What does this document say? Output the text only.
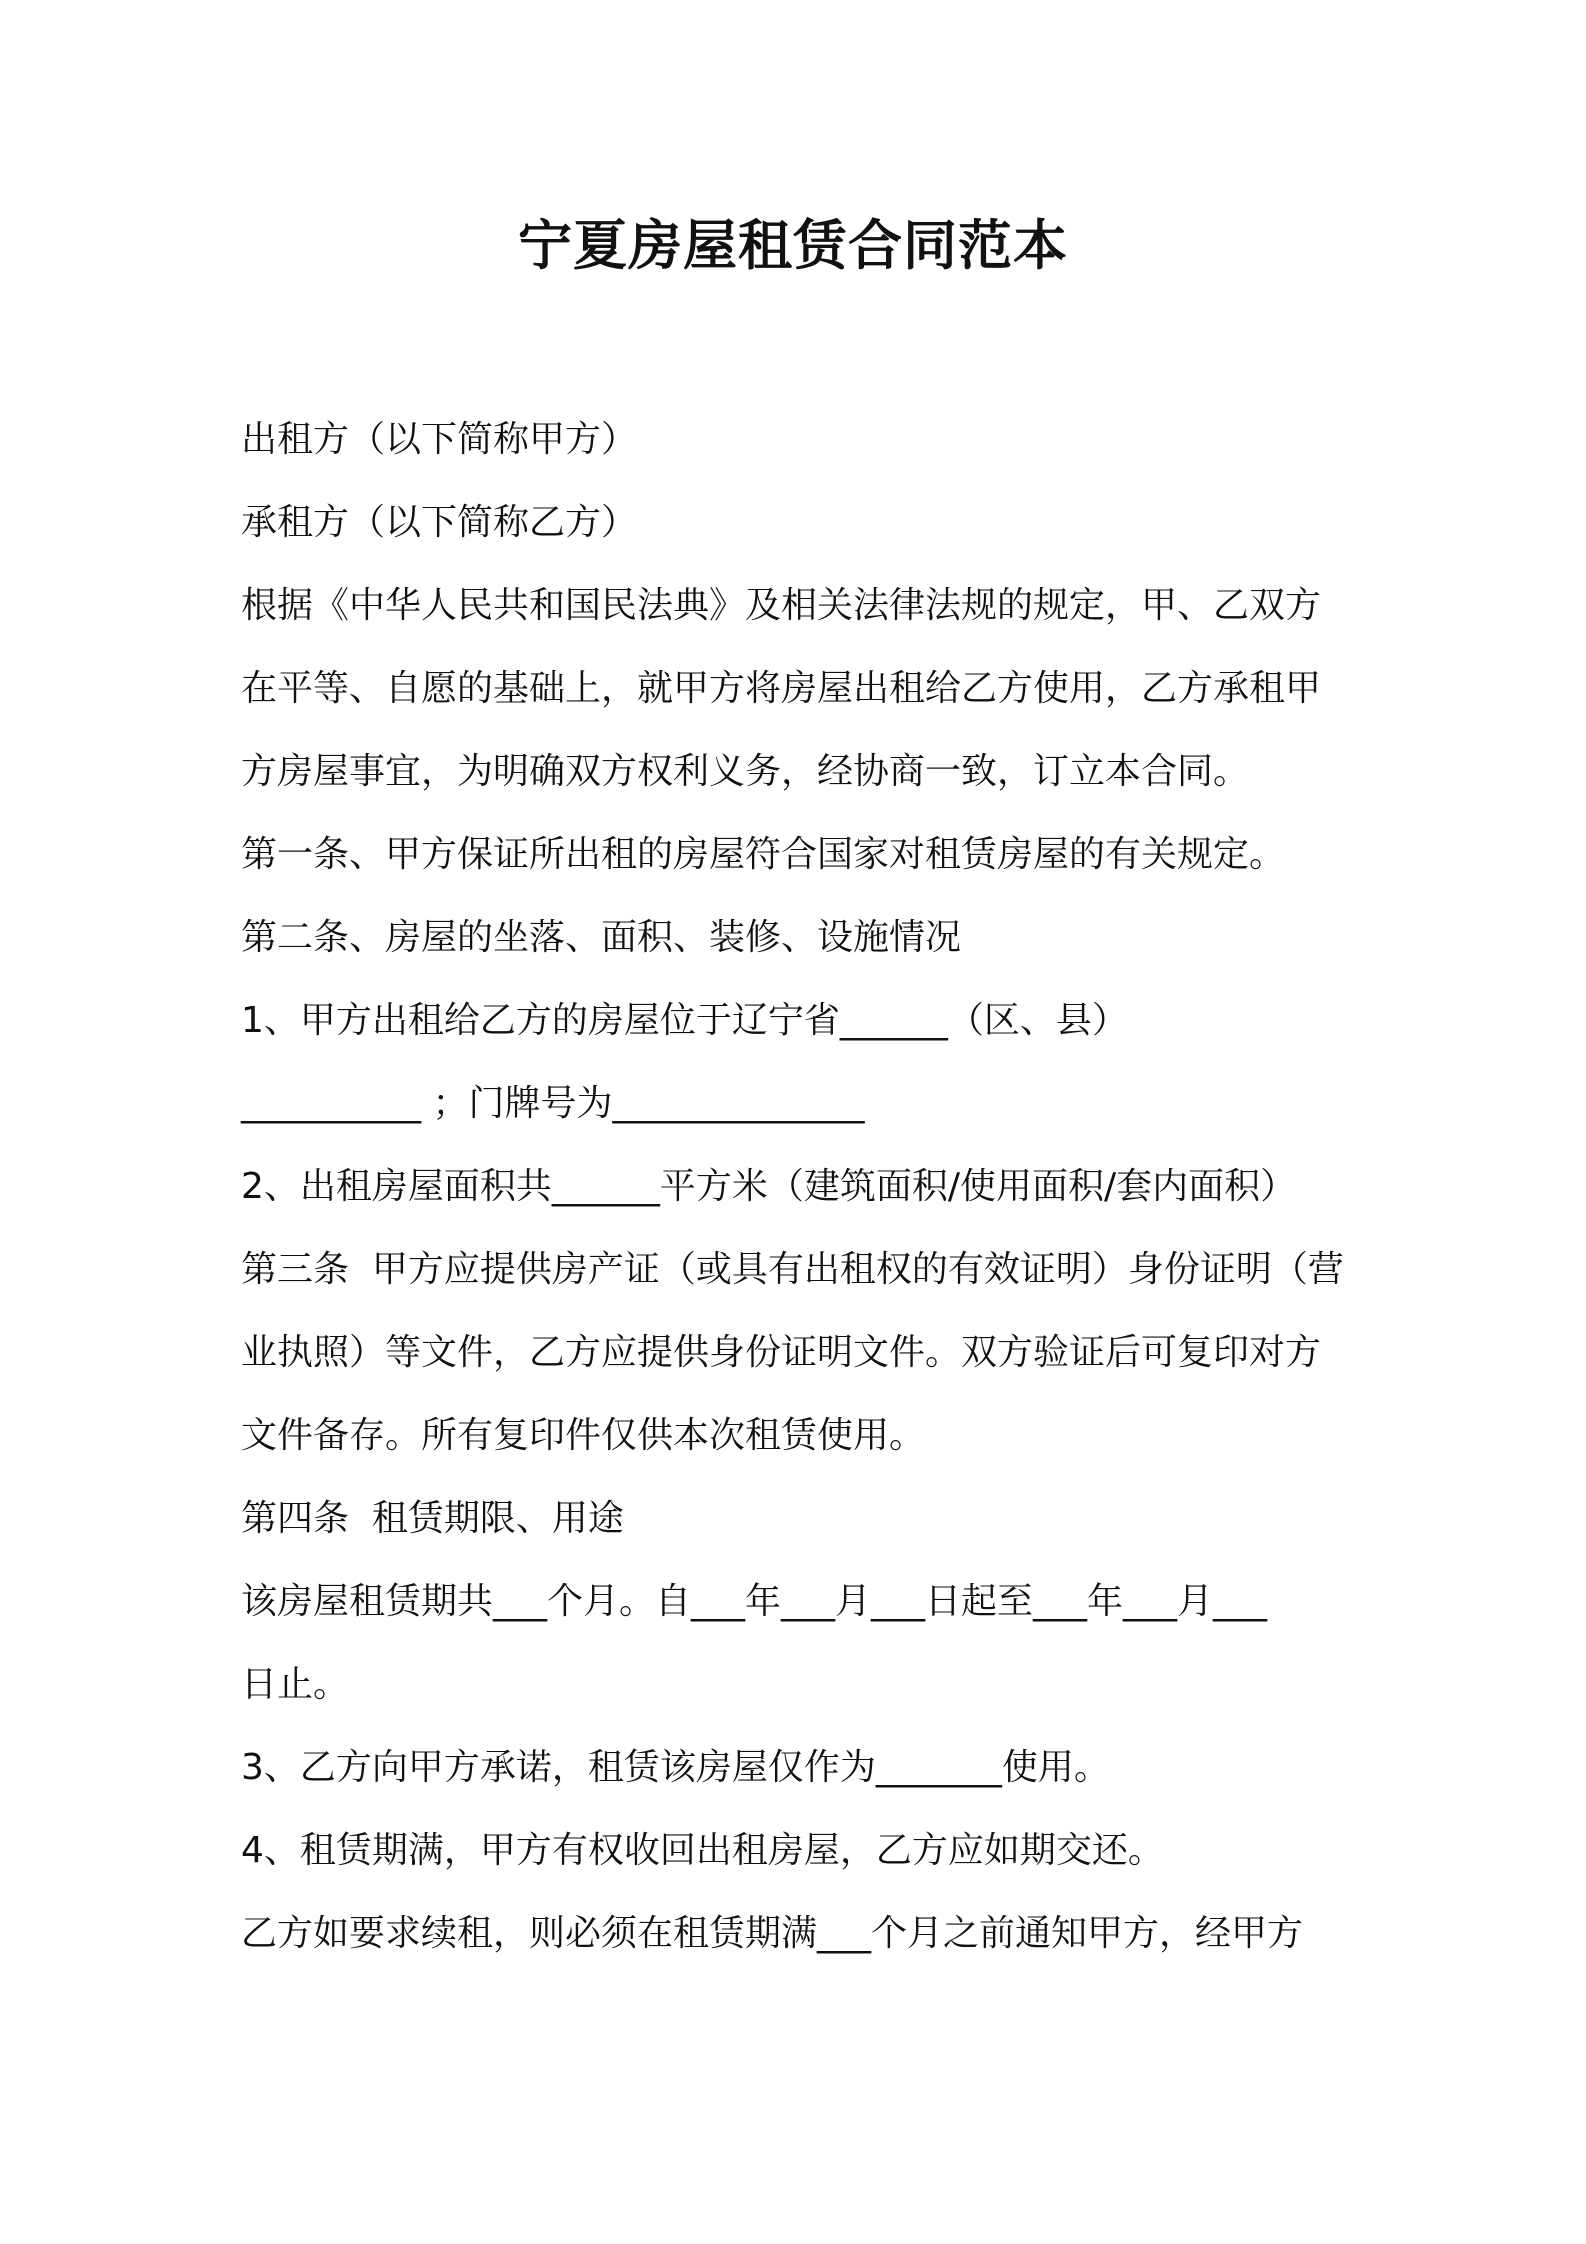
宁夏房屋租赁合同范本
出租方（以下简称甲方）
承租方（以下简称乙方）
根据《中华人民共和国民法典》及相关法律法规的规定，甲、乙双方
在平等、自愿的基础上，就甲方将房屋出租给乙方使用，乙方承租甲
方房屋事宜，为明确双方权利义务，经协商一致，订立本合同。
第一条、甲方保证所出租的房屋符合国家对租赁房屋的有关规定。
第二条、房屋的坐落、面积、装修、设施情况
1、甲方出租给乙方的房屋位于辽宁省______（区、县）
__________ ；门牌号为______________
2、出租房屋面积共______平方米（建筑面积/使用面积/套内面积）
第三条  甲方应提供房产证（或具有出租权的有效证明）身份证明（营
业执照）等文件，乙方应提供身份证明文件。双方验证后可复印对方
文件备存。所有复印件仅供本次租赁使用。
第四条  租赁期限、用途
该房屋租赁期共___个月。自___年___月___日起至___年___月___
日止。
3、乙方向甲方承诺，租赁该房屋仅作为_______使用。
4、租赁期满，甲方有权收回出租房屋，乙方应如期交还。
乙方如要求续租，则必须在租赁期满___个月之前通知甲方，经甲方
